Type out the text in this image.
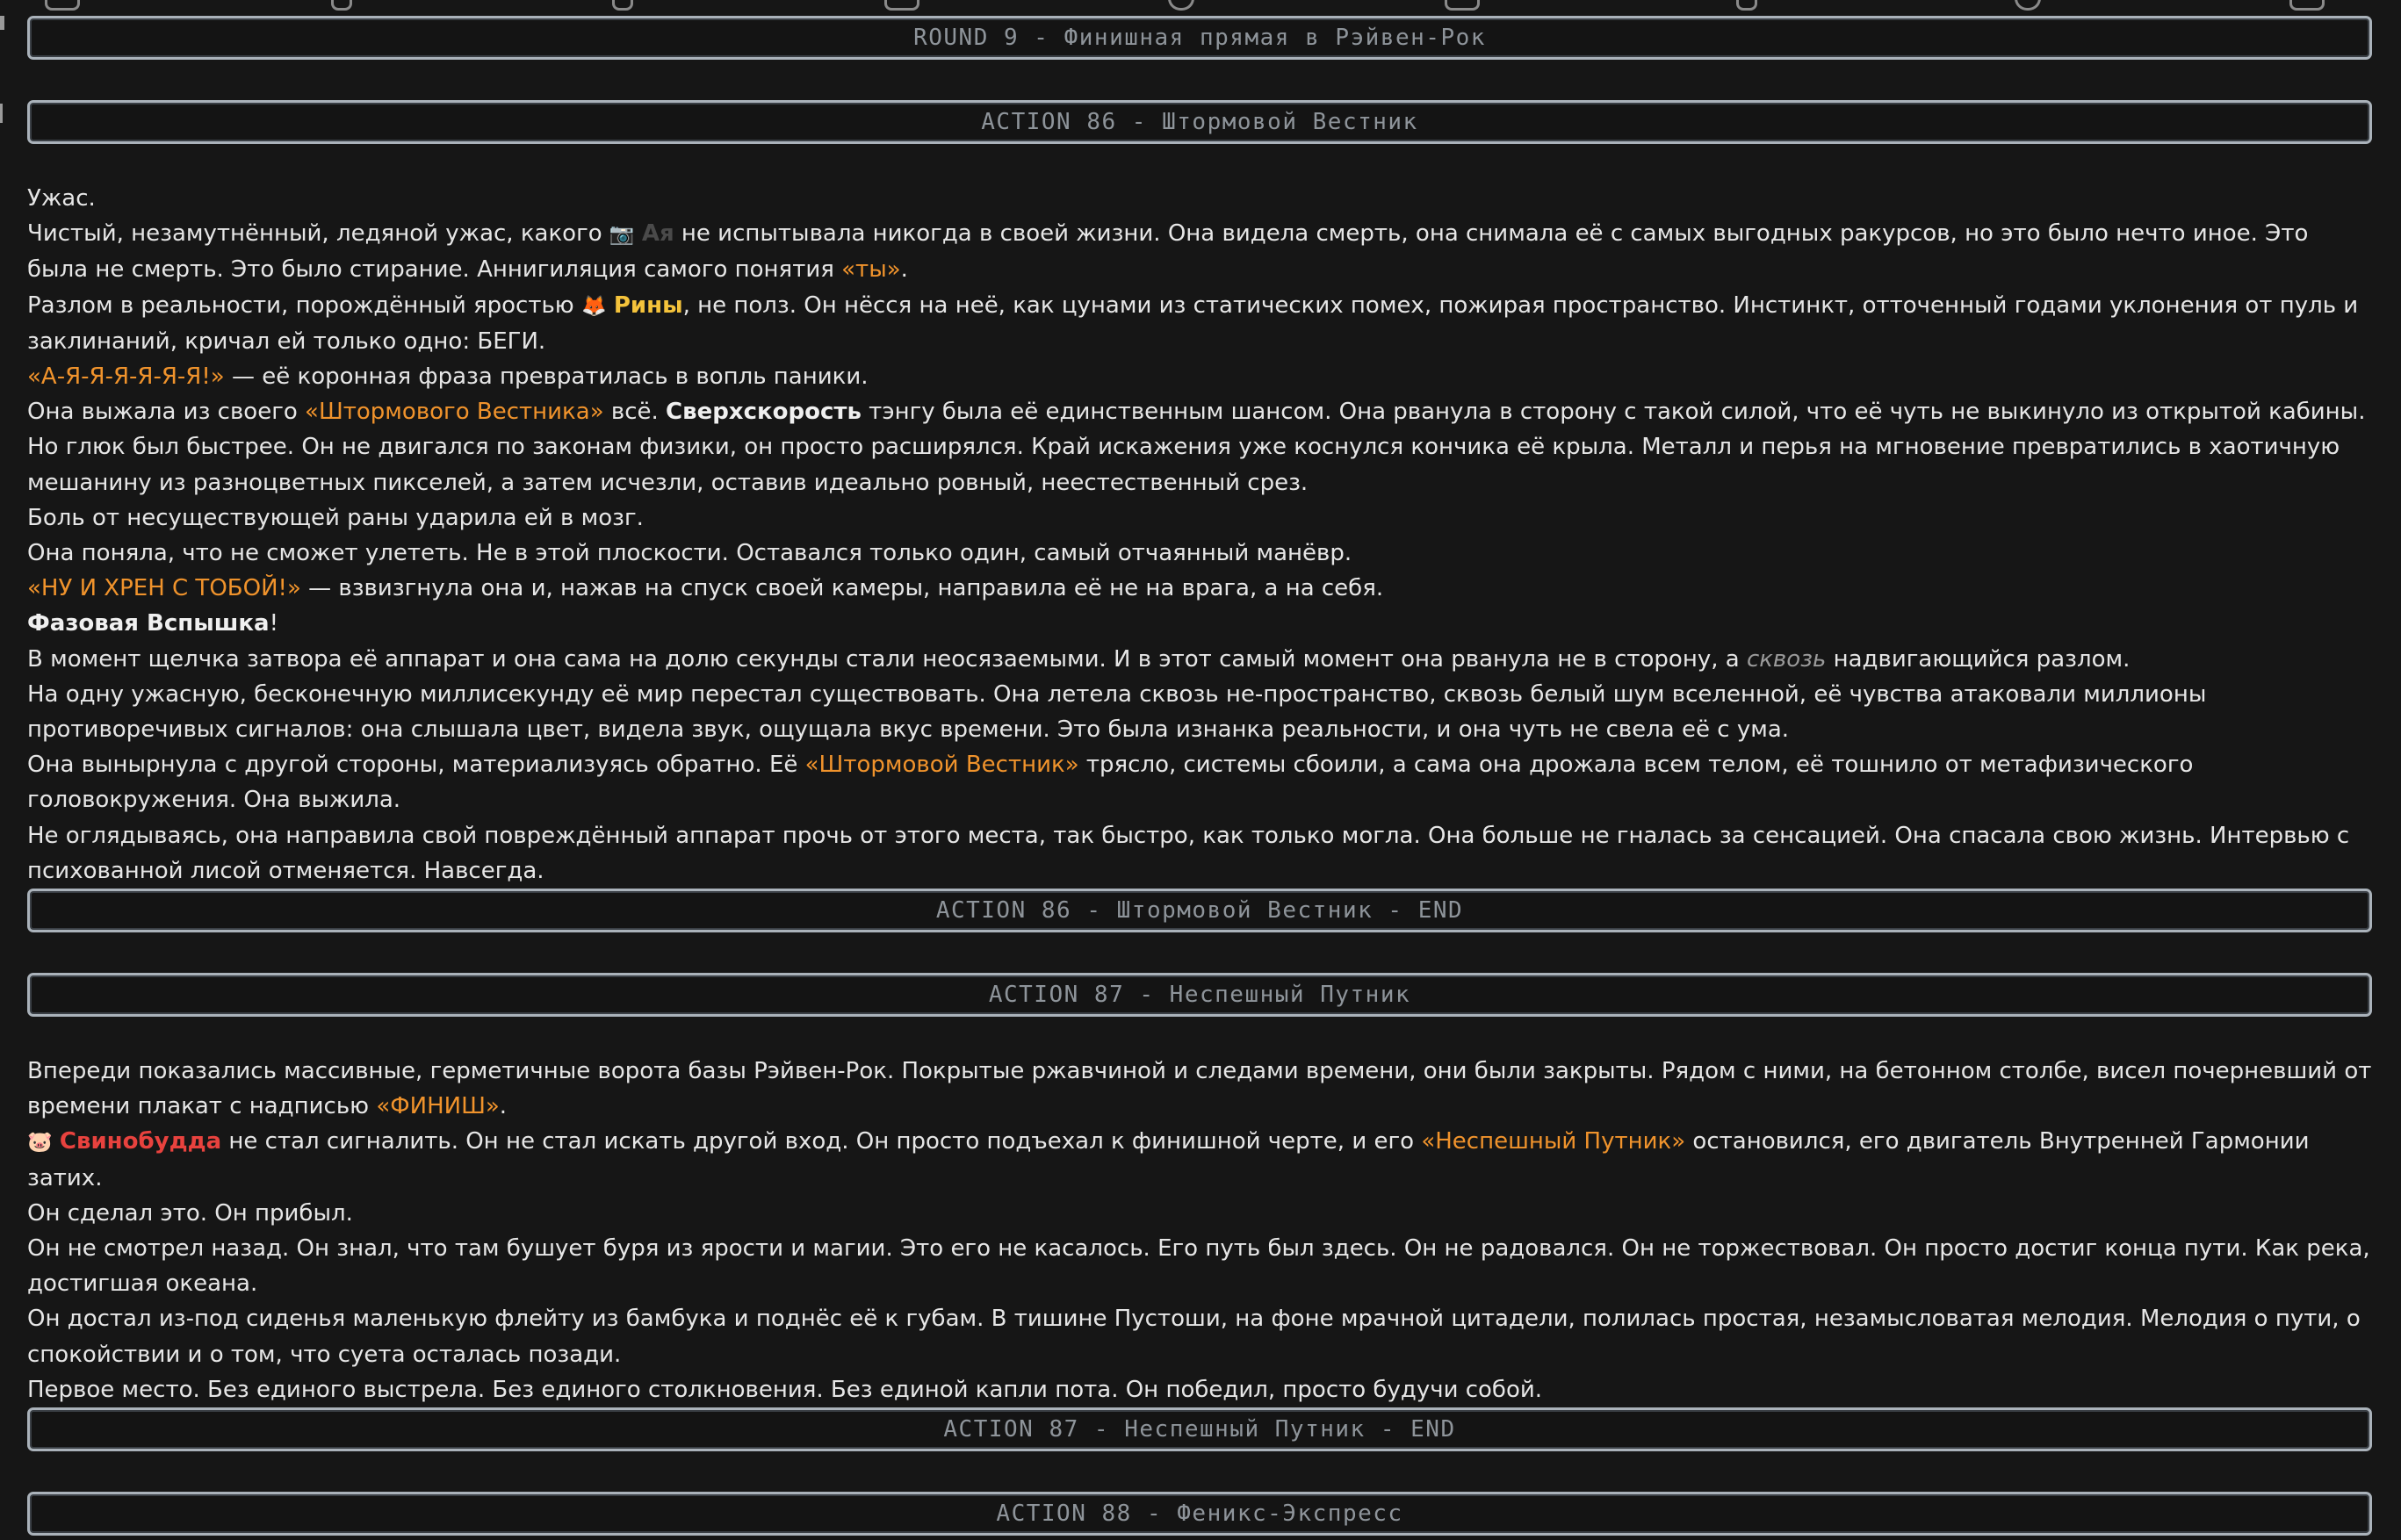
ROUND 9 - Финишная прямая в Рэйвен-Рок
ACTION 86 - Штормовой Вестник

Ужас.

Чистый, незамутнённый, ледяной ужас, какого 📷 Ая не испытывала никогда в своей жизни. Она видела смерть, она снимала её с самых выгодных ракурсов, но это было нечто иное. Это была не смерть. Это было стирание. Аннигиляция самого понятия «ты».

Разлом в реальности, порождённый яростью 🦊 Рины, не полз. Он нёсся на неё, как цунами из статических помех, пожирая пространство. Инстинкт, отточенный годами уклонения от пуль и заклинаний, кричал ей только одно: БЕГИ.

«А-Я-Я-Я-Я-Я-Я!» — её коронная фраза превратилась в вопль паники.

Она выжала из своего «Штормового Вестника» всё. Сверхскорость тэнгу была её единственным шансом. Она рванула в сторону с такой силой, что её чуть не выкинуло из открытой кабины. Но глюк был быстрее. Он не двигался по законам физики, он просто расширялся. Край искажения уже коснулся кончика её крыла. Металл и перья на мгновение превратились в хаотичную мешанину из разноцветных пикселей, а затем исчезли, оставив идеально ровный, неестественный срез.

Боль от несуществующей раны ударила ей в мозг.

Она поняла, что не сможет улететь. Не в этой плоскости. Оставался только один, самый отчаянный манёвр.

«НУ И ХРЕН С ТОБОЙ!» — взвизгнула она и, нажав на спуск своей камеры, направила её не на врага, а на себя.

Фазовая Вспышка!

В момент щелчка затвора её аппарат и она сама на долю секунды стали неосязаемыми. И в этот самый момент она рванула не в сторону, а сквозь надвигающийся разлом.

На одну ужасную, бесконечную миллисекунду её мир перестал существовать. Она летела сквозь не-пространство, сквозь белый шум вселенной, её чувства атаковали миллионы противоречивых сигналов: она слышала цвет, видела звук, ощущала вкус времени. Это была изнанка реальности, и она чуть не свела её с ума.

Она вынырнула с другой стороны, материализуясь обратно. Её «Штормовой Вестник» трясло, системы сбоили, а сама она дрожала всем телом, её тошнило от метафизического головокружения. Она выжила.

Не оглядываясь, она направила свой повреждённый аппарат прочь от этого места, так быстро, как только могла. Она больше не гналась за сенсацией. Она спасала свою жизнь. Интервью с психованной лисой отменяется. Навсегда.

ACTION 86 - Штормовой Вестник - END
ACTION 87 - Неспешный Путник

Впереди показались массивные, герметичные ворота базы Рэйвен-Рок. Покрытые ржавчиной и следами времени, они были закрыты. Рядом с ними, на бетонном столбе, висел почерневший от времени плакат с надписью «ФИНИШ».

🐷 Свинобудда не стал сигналить. Он не стал искать другой вход. Он просто подъехал к финишной черте, и его «Неспешный Путник» остановился, его двигатель Внутренней Гармонии затих.

Он сделал это. Он прибыл.

Он не смотрел назад. Он знал, что там бушует буря из ярости и магии. Это его не касалось. Его путь был здесь. Он не радовался. Он не торжествовал. Он просто достиг конца пути. Как река, достигшая океана.

Он достал из-под сиденья маленькую флейту из бамбука и поднёс её к губам. В тишине Пустоши, на фоне мрачной цитадели, полилась простая, незамысловатая мелодия. Мелодия о пути, о спокойствии и о том, что суета осталась позади.

Первое место. Без единого выстрела. Без единого столкновения. Без единой капли пота. Он победил, просто будучи собой.

ACTION 87 - Неспешный Путник - END
ACTION 88 - Феникс-Экспресс
